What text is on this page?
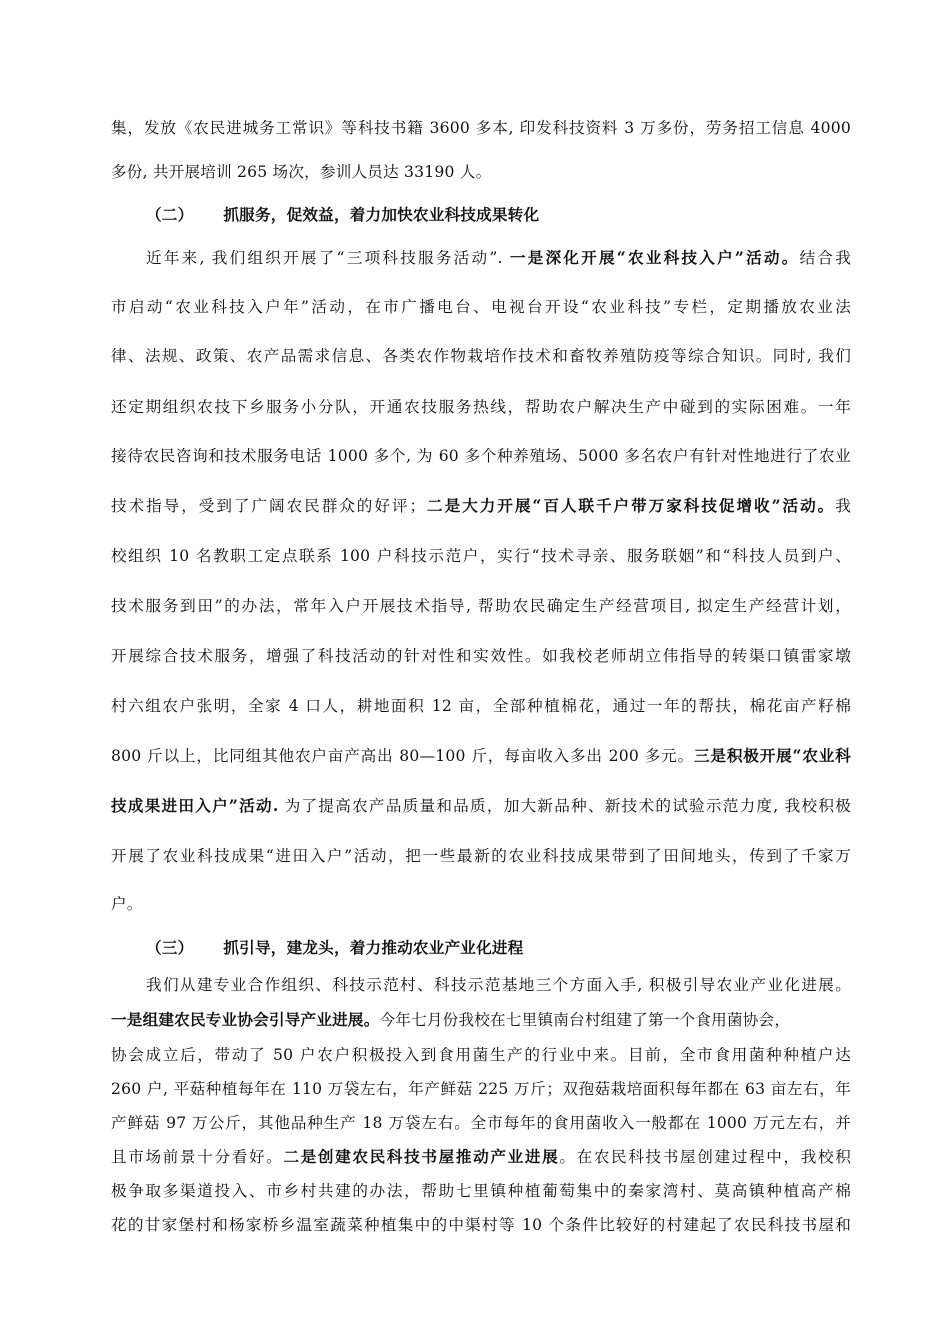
集，发放《农民进城务工常识》等科技书籍 3600 多本, 印发科技资料 3 万多份，劳务招工信息 4000
多份, 共开展培训 265 场次，参训人员达 33190 人。
（二） 抓服务，促效益，着力加快农业科技成果转化
近年来, 我们组织开展了“三项科技服务活动”. 一是深化开展“农业科技入户”活动。结合我
市启动“农业科技入户年”活动，在市广播电台、电视台开设“农业科技”专栏，定期播放农业法
律、法规、政策、农产品需求信息、各类农作物栽培作技术和畜牧养殖防疫等综合知识。同时, 我们
还定期组织农技下乡服务小分队，开通农技服务热线，帮助农户解决生产中碰到的实际困难。一年
接待农民咨询和技术服务电话 1000 多个, 为 60 多个种养殖场、5000 多名农户有针对性地进行了农业
技术指导，受到了广阔农民群众的好评；二是大力开展“百人联千户带万家科技促增收”活动。我
校组织 10 名教职工定点联系 100 户科技示范户，实行“技术寻亲、服务联姻”和“科技人员到户、
技术服务到田”的办法，常年入户开展技术指导, 帮助农民确定生产经营项目, 拟定生产经营计划，
开展综合技术服务，增强了科技活动的针对性和实效性。如我校老师胡立伟指导的转渠口镇雷家墩
村六组农户张明，全家 4 口人，耕地面积 12 亩，全部种植棉花，通过一年的帮扶，棉花亩产籽棉
800 斤以上，比同组其他农户亩产高出 80—100 斤，每亩收入多出 200 多元。三是积极开展“农业科
技成果进田入户”活动. 为了提高农产品质量和品质，加大新品种、新技术的试验示范力度, 我校积极
开展了农业科技成果“进田入户”活动，把一些最新的农业科技成果带到了田间地头，传到了千家万
户。
（三） 抓引导，建龙头，着力推动农业产业化进程
我们从建专业合作组织、科技示范村、科技示范基地三个方面入手, 积极引导农业产业化进展。
一是组建农民专业协会引导产业进展。今年七月份我校在七里镇南台村组建了第一个食用菌协会，
协会成立后，带动了 50 户农户积极投入到食用菌生产的行业中来。目前，全市食用菌种种植户达
260 户, 平菇种植每年在 110 万袋左右，年产鲜菇 225 万斤；双孢菇栽培面积每年都在 63 亩左右，年
产鲜菇 97 万公斤，其他品种生产 18 万袋左右。全市每年的食用菌收入一般都在 1000 万元左右，并
且市场前景十分看好。二是创建农民科技书屋推动产业进展。在农民科技书屋创建过程中，我校积
极争取多渠道投入、市乡村共建的办法，帮助七里镇种植葡萄集中的秦家湾村、莫高镇种植高产棉
花的甘家堡村和杨家桥乡温室蔬菜种植集中的中渠村等 10 个条件比较好的村建起了农民科技书屋和
